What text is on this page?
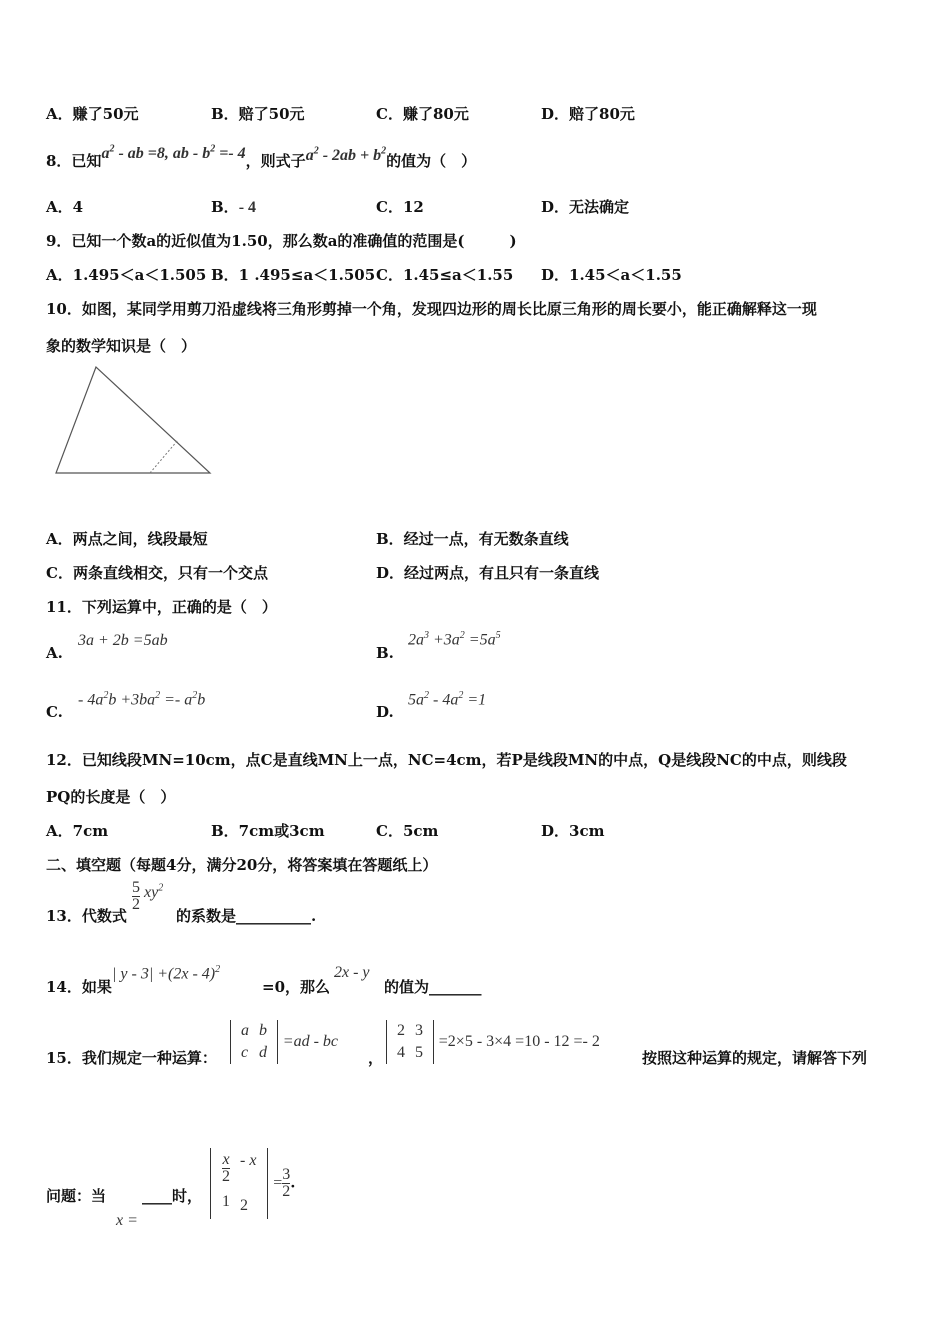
A．赚了50元	B．赔了50元	C．赚了80元	D．赔了80元
8．已知$a^2$ - ab =8, ab - $b^2 =- 4$，则式子$a^2 - 2ab + b^2$的值为（　）
A．4	B．- 4	C．12	D．无法确定
9．已知一个数a的近似值为1.50，那么数a的准确值的范围是(　　　)
A．1.495＜a＜1.505 B．1 .495≤a＜1.505 C．1.45≤a＜1.55 D．1.45＜a＜1.55
10．如图，某同学用剪刀沿虚线将三角形剪掉一个角，发现四边形的周长比原三角形的周长要小，能正确解释这一现
象的数学知识是（　）
A．两点之间，线段最短	B．经过一点，有无数条直线
C．两条直线相交，只有一个交点	D．经过两点，有且只有一条直线
11．下列运算中，正确的是（　）
A.
3a + 2b =5ab
B.
$2a^3 +3a^2 =5a^5$
C.
- $4a^2b +3ba^2 =- a^2b$
D.
$5a^2 - 4a^2 =1$
12．已知线段MN=10cm，点C是直线MN上一点，NC=4cm，若P是线段MN的中点，Q是线段NC的中点，则线段
PQ的长度是（　）
A．7cm	B．7cm或3cm	C．5cm	D．3cm
二、填空题（每题4分，满分20分，将答案填在答题纸上）
13．代数式
$\frac{5}{2} xy^2$
的系数是__________.
14．如果
| y - 3| +(2x - 4)$^2$
=0，那么
2x - y
的值为_______
15．我们规定一种运算：
a	b
c	d
=ad - bc
，
2	3
4	5
=2×5 - 3×4 =10 - 12 =- 2
按照这种运算的规定，请解答下列
问题：当 ____时，
x =
$\frac{x}{2}$	- x
1	2
= $\frac{3}{2}$ .
